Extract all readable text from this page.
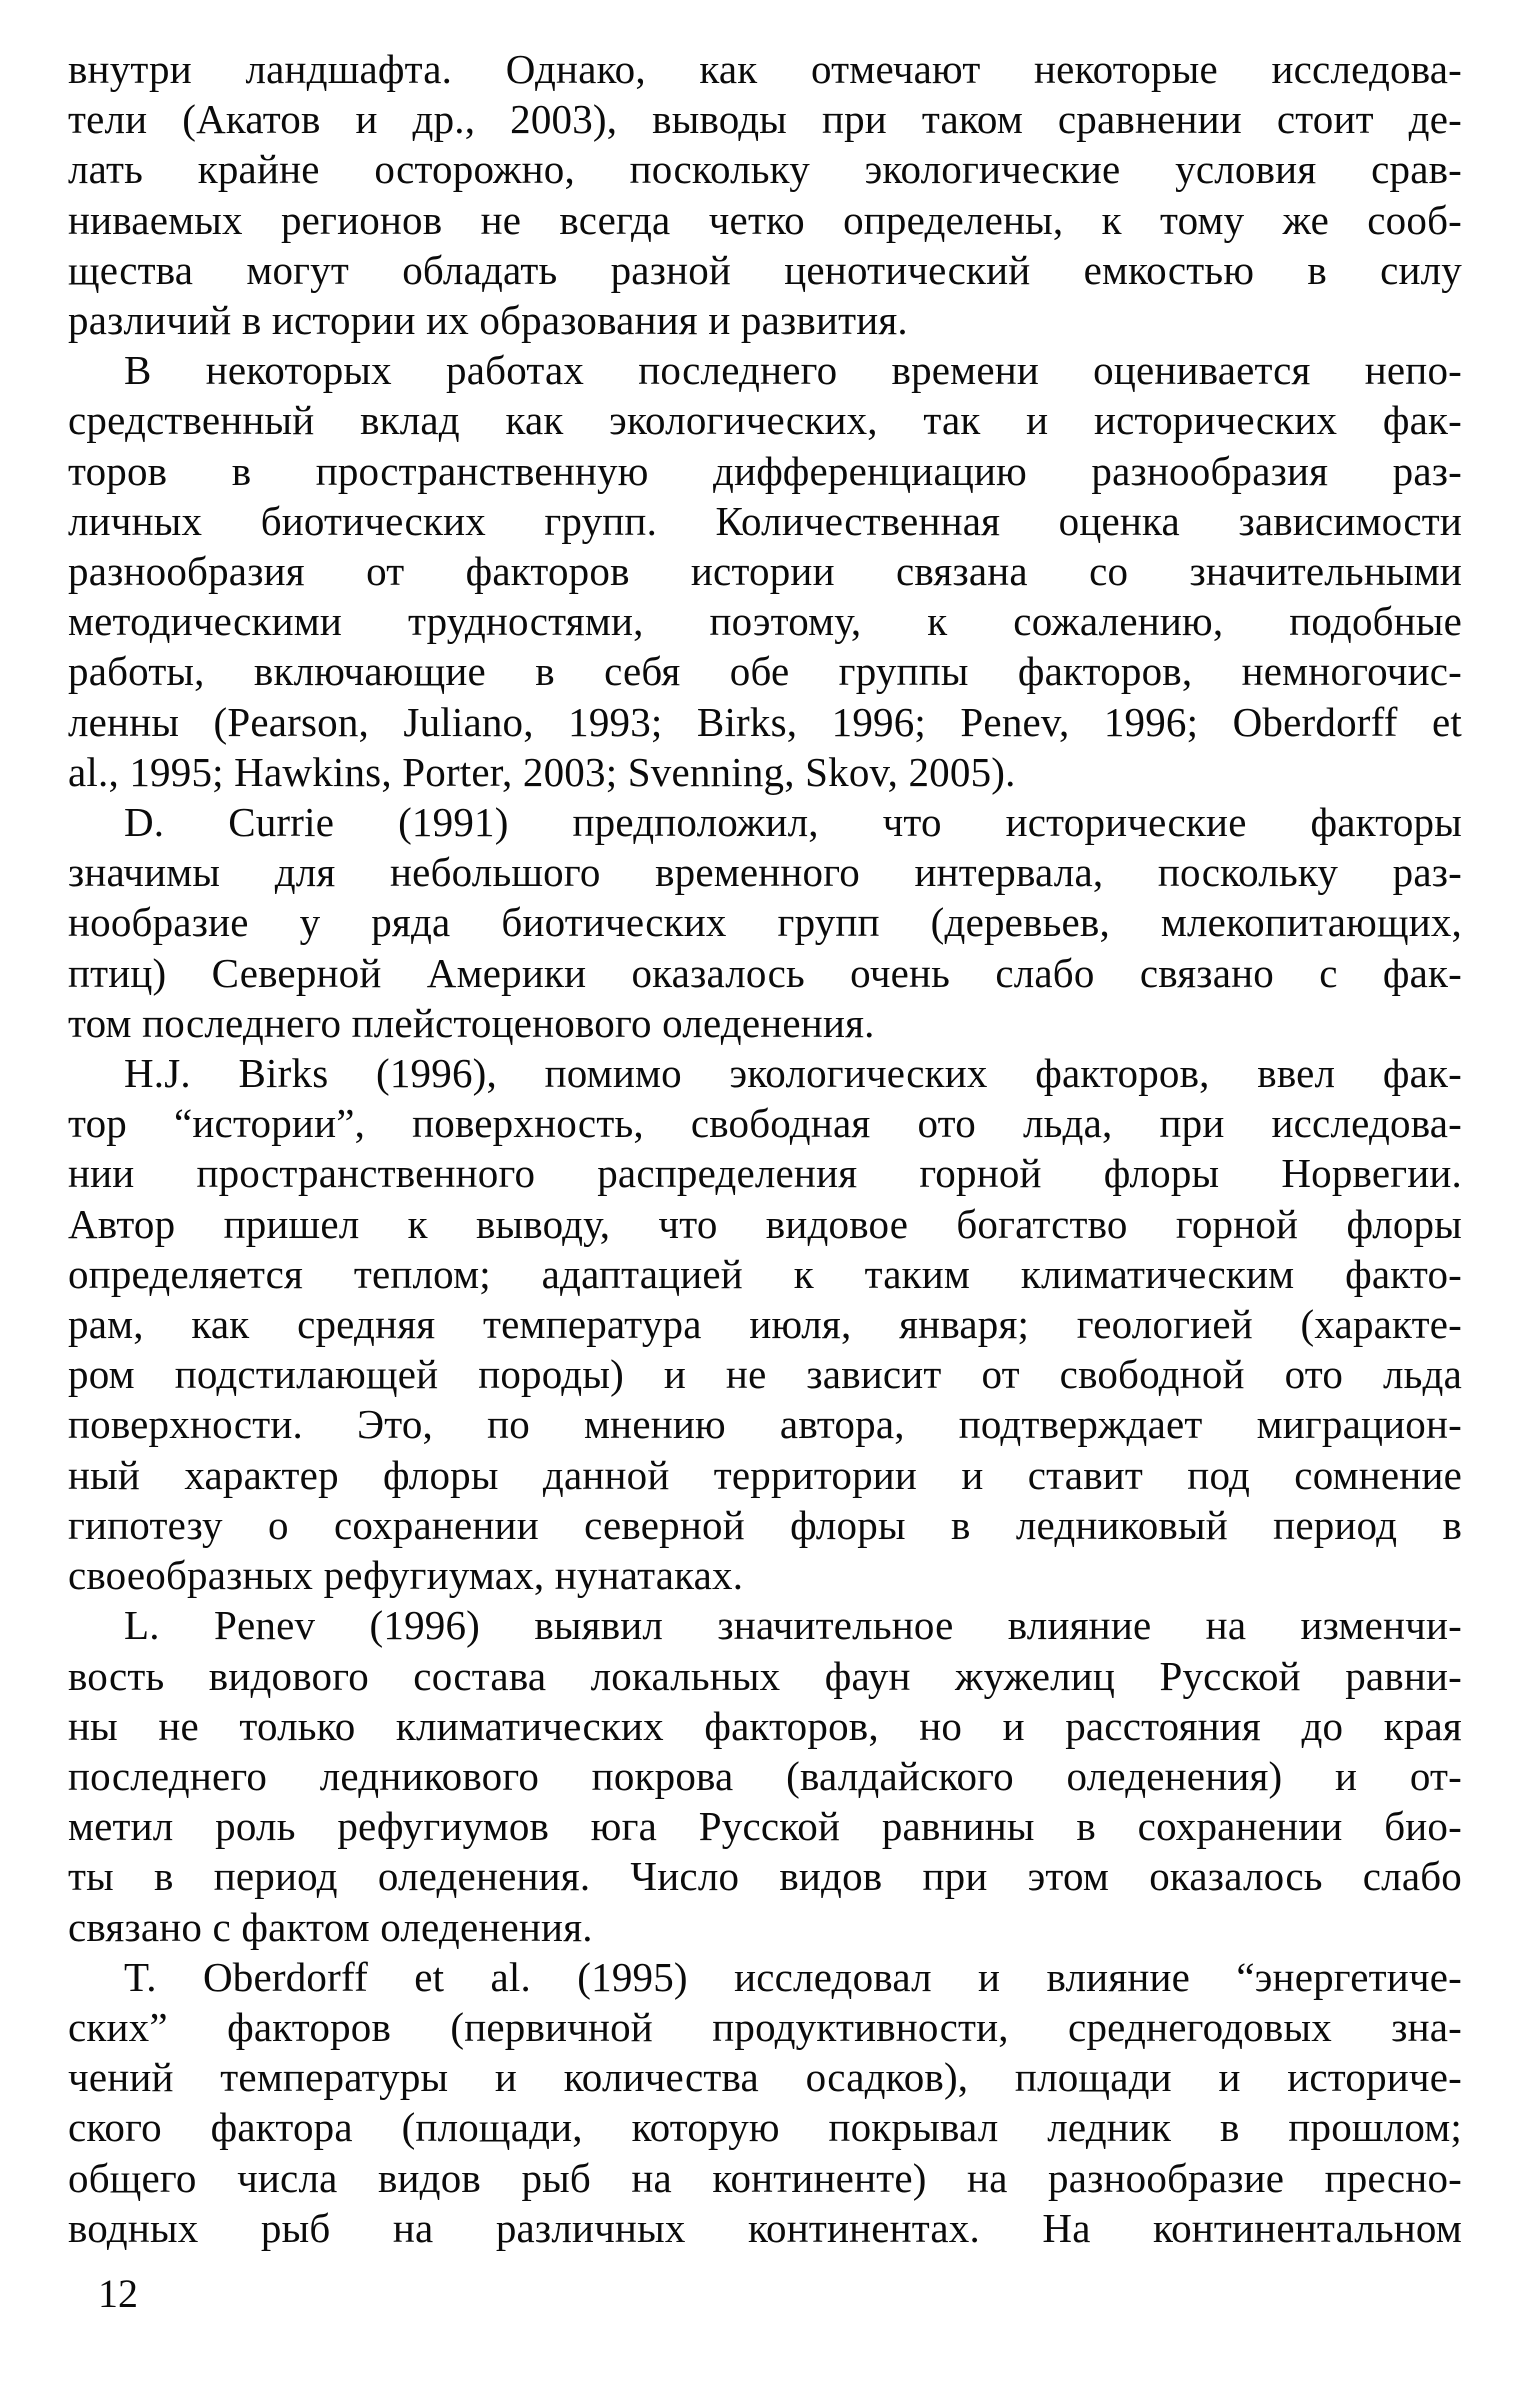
внутри ландшафта. Однако, как отмечают некоторые исследова-
тели (Акатов и др., 2003), выводы при таком сравнении стоит де-
лать крайне осторожно, поскольку экологические условия срав-
ниваемых регионов не всегда четко определены, к тому же сооб-
щества могут обладать разной ценотический емкостью в силу
различий в истории их образования и развития.
В некоторых работах последнего времени оценивается непо-
средственный вклад как экологических, так и исторических фак-
торов в пространственную дифференциацию разнообразия раз-
личных биотических групп. Количественная оценка зависимости
разнообразия от факторов истории связана со значительными
методическими трудностями, поэтому, к сожалению, подобные
работы, включающие в себя обе группы факторов, немногочис-
ленны (Pearson, Juliano, 1993; Birks, 1996; Penev, 1996; Oberdorff et
al., 1995; Hawkins, Porter, 2003; Svenning, Skov, 2005).
D. Currie (1991) предположил, что исторические факторы
значимы для небольшого временного интервала, поскольку раз-
нообразие у ряда биотических групп (деревьев, млекопитающих,
птиц) Северной Америки оказалось очень слабо связано с фак-
том последнего плейстоценового оледенения.
H.J. Birks (1996), помимо экологических факторов, ввел фак-
тор “истории”, поверхность, свободная ото льда, при исследова-
нии пространственного распределения горной флоры Норвегии.
Автор пришел к выводу, что видовое богатство горной флоры
определяется теплом; адаптацией к таким климатическим факто-
рам, как средняя температура июля, января; геологией (характе-
ром подстилающей породы) и не зависит от свободной ото льда
поверхности. Это, по мнению автора, подтверждает миграцион-
ный характер флоры данной территории и ставит под сомнение
гипотезу о сохранении северной флоры в ледниковый период в
своеобразных рефугиумах, нунатаках.
L. Penev (1996) выявил значительное влияние на изменчи-
вость видового состава локальных фаун жужелиц Русской равни-
ны не только климатических факторов, но и расстояния до края
последнего ледникового покрова (валдайского оледенения) и от-
метил роль рефугиумов юга Русской равнины в сохранении био-
ты в период оледенения. Число видов при этом оказалось слабо
связано с фактом оледенения.
T. Oberdorff et al. (1995) исследовал и влияние “энергетиче-
ских” факторов (первичной продуктивности, среднегодовых зна-
чений температуры и количества осадков), площади и историче-
ского фактора (площади, которую покрывал ледник в прошлом;
общего числа видов рыб на континенте) на разнообразие пресно-
водных рыб на различных континентах. На континентальном
12
